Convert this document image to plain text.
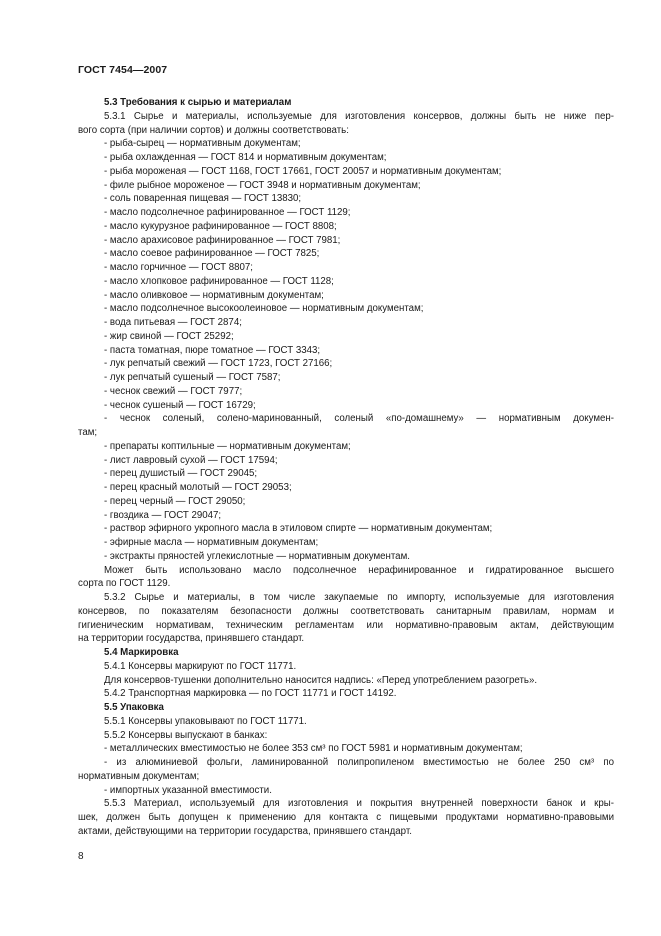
ГОСТ 7454—2007
5.3 Требования к сырью и материалам
5.3.1 Сырье и материалы, используемые для изготовления консервов, должны быть не ниже пер-
вого сорта (при наличии сортов) и должны соответствовать:
- рыба-сырец — нормативным документам;
- рыба охлажденная — ГОСТ 814 и нормативным документам;
- рыба мороженая — ГОСТ 1168, ГОСТ 17661, ГОСТ 20057 и нормативным документам;
- филе рыбное мороженое — ГОСТ 3948 и нормативным документам;
- соль поваренная пищевая — ГОСТ 13830;
- масло подсолнечное рафинированное — ГОСТ 1129;
- масло кукурузное рафинированное — ГОСТ 8808;
- масло арахисовое рафинированное — ГОСТ 7981;
- масло соевое рафинированное — ГОСТ 7825;
- масло горчичное — ГОСТ 8807;
- масло хлопковое рафинированное — ГОСТ 1128;
- масло оливковое — нормативным документам;
- масло подсолнечное высокоолеиновое — нормативным документам;
- вода питьевая — ГОСТ 2874;
- жир свиной — ГОСТ 25292;
- паста томатная, пюре томатное — ГОСТ 3343;
- лук репчатый свежий — ГОСТ 1723, ГОСТ 27166;
- лук репчатый сушеный — ГОСТ 7587;
- чеснок свежий — ГОСТ 7977;
- чеснок сушеный — ГОСТ 16729;
- чеснок соленый, солено-маринованный, соленый «по-домашнему» — нормативным докумен-
там;
- препараты коптильные — нормативным документам;
- лист лавровый сухой — ГОСТ 17594;
- перец душистый — ГОСТ 29045;
- перец красный молотый — ГОСТ 29053;
- перец черный — ГОСТ 29050;
- гвоздика — ГОСТ 29047;
- раствор эфирного укропного масла в этиловом спирте — нормативным документам;
- эфирные масла — нормативным документам;
- экстракты пряностей углекислотные — нормативным документам.
Может быть использовано масло подсолнечное нерафинированное и гидратированное высшего
сорта по ГОСТ 1129.
5.3.2 Сырье и материалы, в том числе закупаемые по импорту, используемые для изготовления
консервов, по показателям безопасности должны соответствовать санитарным правилам, нормам и
гигиеническим нормативам, техническим регламентам или нормативно-правовым актам, действующим
на территории государства, принявшего стандарт.
5.4 Маркировка
5.4.1 Консервы маркируют по ГОСТ 11771.
Для консервов-тушенки дополнительно наносится надпись: «Перед употреблением разогреть».
5.4.2 Транспортная маркировка — по ГОСТ 11771 и ГОСТ 14192.
5.5 Упаковка
5.5.1 Консервы упаковывают по ГОСТ 11771.
5.5.2 Консервы выпускают в банках:
- металлических вместимостью не более 353 см³ по ГОСТ 5981 и нормативным документам;
- из алюминиевой фольги, ламинированной полипропиленом вместимостью не более 250 см³ по
нормативным документам;
- импортных указанной вместимости.
5.5.3 Материал, используемый для изготовления и покрытия внутренней поверхности банок и кры-
шек, должен быть допущен к применению для контакта с пищевыми продуктами нормативно-правовыми
актами, действующими на территории государства, принявшего стандарт.
8
